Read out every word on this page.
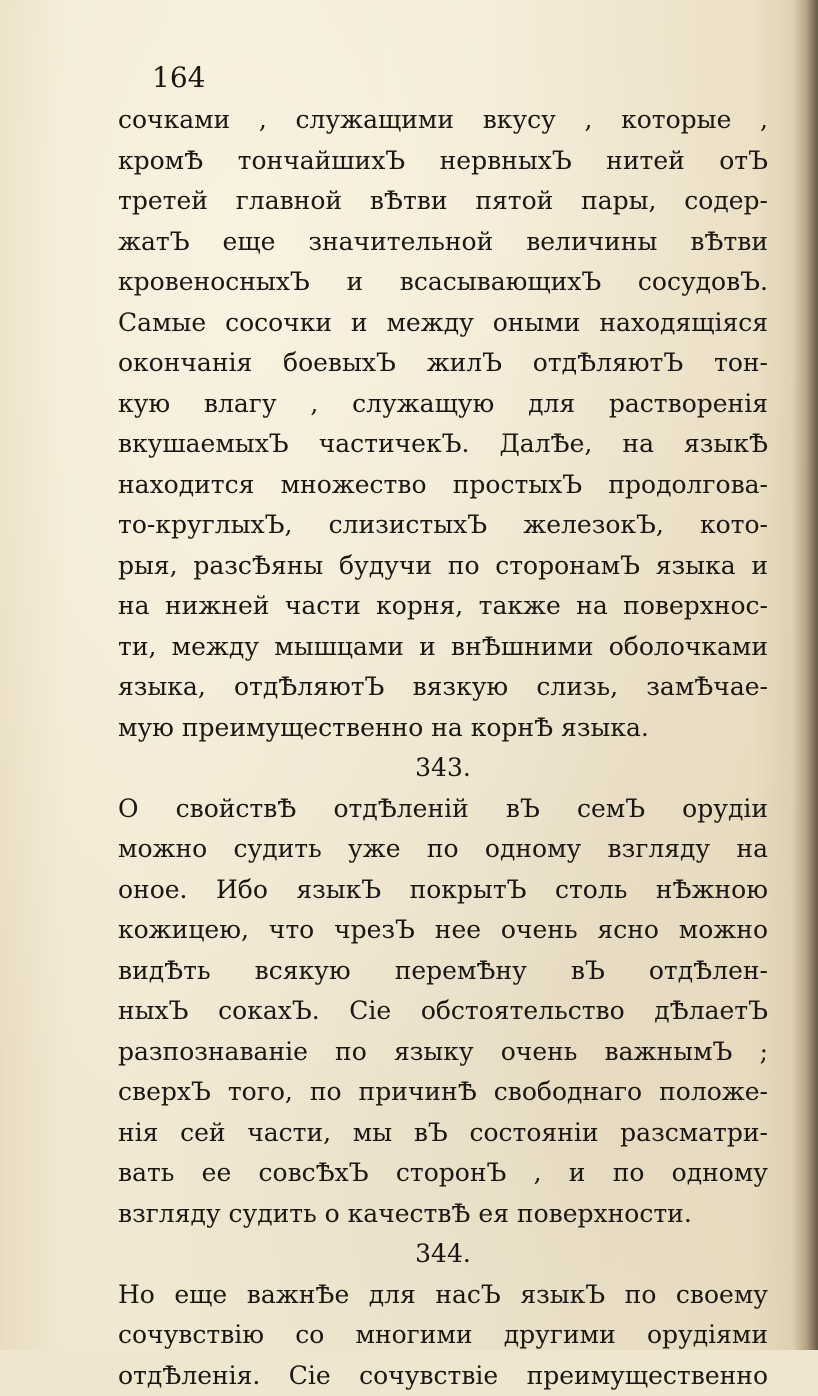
164
сочками , служащими вкусу , которые ,
кромѢ тончайшихЪ нервныхЪ нитей отЪ
третей главной вѢтви пятой пары, содер-
жатЪ еще значительной величины вѢтви
кровеносныхЪ и всасывающихЪ сосудовЪ.
Самые сосочки и между оными находящіяся
окончанія боевыхЪ жилЪ отдѢляютЪ тон-
кую влагу , служащую для растворенія
вкушаемыхЪ частичекЪ. ДалѢе, на языкѢ
находится множество простыхЪ продолгова-
то-круглыхЪ, слизистыхЪ железокЪ, кото-
рыя, разсѢяны будучи по сторонамЪ языка и
на нижней части корня, также на поверхнос-
ти, между мышцами и внѢшними оболочками
языка, отдѢляютЪ вязкую слизь, замѢчае-
мую преимущественно на корнѢ языка.
343.
О свойствѢ отдѢленій вЪ семЪ орудіи
можно судить уже по одному взгляду на
оное. Ибо языкЪ покрытЪ столь нѢжною
кожицею, что чрезЪ нее очень ясно можно
видѢть всякую перемѢну вЪ отдѢлен-
ныхЪ сокахЪ. Сіе обстоятельство дѢлаетЪ
разпознаваніе по языку очень важнымЪ ;
сверхЪ того, по причинѢ свободнаго положе-
нія сей части, мы вЪ состояніи разсматри-
вать ее совсѢхЪ сторонЪ , и по одному
взгляду судить о качествѢ ея поверхности.
344.
Но еще важнѢе для насЪ языкЪ по своему
сочувствію со многими другими орудіями
отдѢленія. Сіе сочувствіе преимущественно
